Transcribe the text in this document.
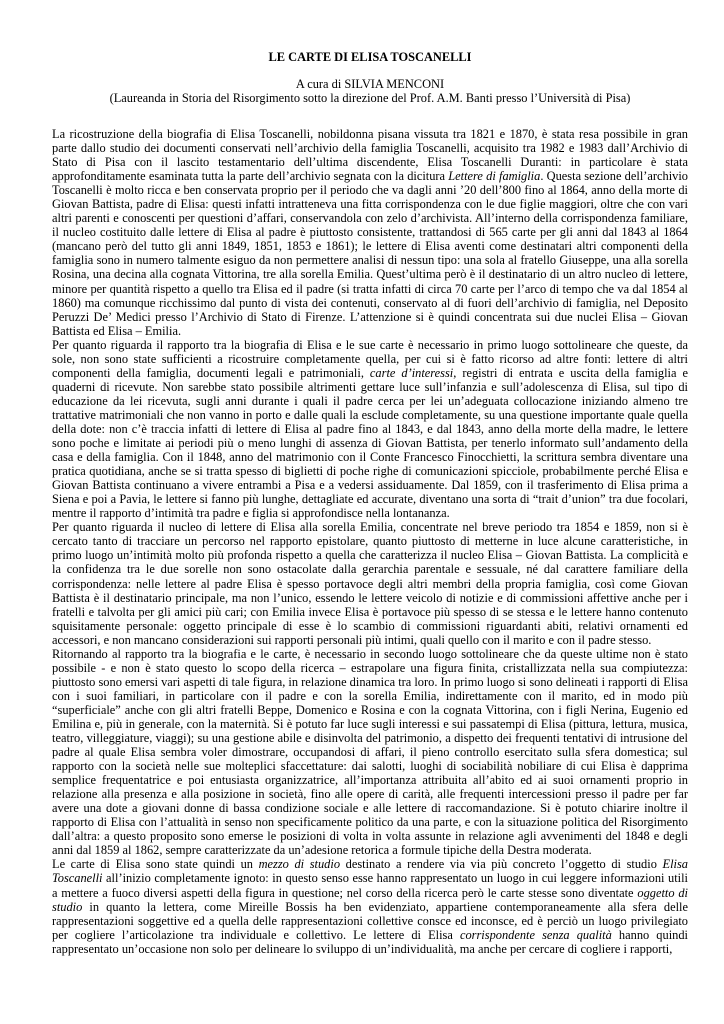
LE CARTE DI ELISA TOSCANELLI
A cura di SILVIA MENCONI
(Laureanda in Storia del Risorgimento sotto la direzione del Prof. A.M. Banti presso l’Università di Pisa)

La ricostruzione della biografia di Elisa Toscanelli, nobildonna pisana vissuta tra 1821 e 1870, è stata resa possibile in gran parte dallo studio dei documenti conservati nell’archivio della famiglia Toscanelli, acquisito tra 1982 e 1983 dall’Archivio di Stato di Pisa con il lascito testamentario dell’ultima discendente, Elisa Toscanelli Duranti: in particolare è stata approfonditamente esaminata tutta la parte dell’archivio segnata con la dicitura Lettere di famiglia. Questa sezione dell’archivio Toscanelli è molto ricca e ben conservata proprio per il periodo che va dagli anni ’20 dell’800 fino al 1864, anno della morte di Giovan Battista, padre di Elisa: questi infatti intratteneva una fitta corrispondenza con le due figlie maggiori, oltre che con vari altri parenti e conoscenti per questioni d’affari, conservandola con zelo d’archivista. All’interno della corrispondenza familiare, il nucleo costituito dalle lettere di Elisa al padre è piuttosto consistente, trattandosi di 565 carte per gli anni dal 1843 al 1864 (mancano però del tutto gli anni 1849, 1851, 1853 e 1861); le lettere di Elisa aventi come destinatari altri componenti della famiglia sono in numero talmente esiguo da non permettere analisi di nessun tipo: una sola al fratello Giuseppe, una alla sorella Rosina, una decina alla cognata Vittorina, tre alla sorella Emilia. Quest’ultima però è il destinatario di un altro nucleo di lettere, minore per quantità rispetto a quello tra Elisa ed il padre (si tratta infatti di circa 70 carte per l’arco di tempo che va dal 1854 al 1860) ma comunque ricchissimo dal punto di vista dei contenuti, conservato al di fuori dell’archivio di famiglia, nel Deposito Peruzzi De’ Medici presso l’Archivio di Stato di Firenze. L’attenzione si è quindi concentrata sui due nuclei Elisa – Giovan Battista ed Elisa – Emilia.

Per quanto riguarda il rapporto tra la biografia di Elisa e le sue carte è necessario in primo luogo sottolineare che queste, da sole, non sono state sufficienti a ricostruire completamente quella, per cui si è fatto ricorso ad altre fonti: lettere di altri componenti della famiglia, documenti legali e patrimoniali, carte d’interessi, registri di entrata e uscita della famiglia e quaderni di ricevute. Non sarebbe stato possibile altrimenti gettare luce sull’infanzia e sull’adolescenza di Elisa, sul tipo di educazione da lei ricevuta, sugli anni durante i quali il padre cerca per lei un’adeguata collocazione iniziando almeno tre trattative matrimoniali che non vanno in porto e dalle quali la esclude completamente, su una questione importante quale quella della dote: non c’è traccia infatti di lettere di Elisa al padre fino al 1843, e dal 1843, anno della morte della madre, le lettere sono poche e limitate ai periodi più o meno lunghi di assenza di Giovan Battista, per tenerlo informato sull’andamento della casa e della famiglia. Con il 1848, anno del matrimonio con il Conte Francesco Finocchietti, la scrittura sembra diventare una pratica quotidiana, anche se si tratta spesso di biglietti di poche righe di comunicazioni spicciole, probabilmente perché Elisa e Giovan Battista continuano a vivere entrambi a Pisa e a vedersi assiduamente. Dal 1859, con il trasferimento di Elisa prima a Siena e poi a Pavia, le lettere si fanno più lunghe, dettagliate ed accurate, diventano una sorta di “trait d’union” tra due focolari, mentre il rapporto d’intimità tra padre e figlia si approfondisce nella lontananza.

Per quanto riguarda il nucleo di lettere di Elisa alla sorella Emilia, concentrate nel breve periodo tra 1854 e 1859, non si è cercato tanto di tracciare un percorso nel rapporto epistolare, quanto piuttosto di metterne in luce alcune caratteristiche, in primo luogo un’intimità molto più profonda rispetto a quella che caratterizza il nucleo Elisa – Giovan Battista. La complicità e la confidenza tra le due sorelle non sono ostacolate dalla gerarchia parentale e sessuale, né dal carattere familiare della corrispondenza: nelle lettere al padre Elisa è spesso portavoce degli altri membri della propria famiglia, così come Giovan Battista è il destinatario principale, ma non l’unico, essendo le lettere veicolo di notizie e di commissioni affettive anche per i fratelli e talvolta per gli amici più cari; con Emilia invece Elisa è portavoce più spesso di se stessa e le lettere hanno contenuto squisitamente personale: oggetto principale di esse è lo scambio di commissioni riguardanti abiti, relativi ornamenti ed accessori, e non mancano considerazioni sui rapporti personali più intimi, quali quello con il marito e con il padre stesso.

Ritornando al rapporto tra la biografia e le carte, è necessario in secondo luogo sottolineare che da queste ultime non è stato possibile - e non è stato questo lo scopo della ricerca – estrapolare una figura finita, cristallizzata nella sua compiutezza: piuttosto sono emersi vari aspetti di tale figura, in relazione dinamica tra loro. In primo luogo si sono delineati i rapporti di Elisa con i suoi familiari, in particolare con il padre e con la sorella Emilia, indirettamente con il marito, ed in modo più “superficiale” anche con gli altri fratelli Beppe, Domenico e Rosina e con la cognata Vittorina, con i figli Nerina, Eugenio ed Emilina e, più in generale, con la maternità. Si è potuto far luce sugli interessi e sui passatempi di Elisa (pittura, lettura, musica, teatro, villeggiature, viaggi); su una gestione abile e disinvolta del patrimonio, a dispetto dei frequenti tentativi di intrusione del padre al quale Elisa sembra voler dimostrare, occupandosi di affari, il pieno controllo esercitato sulla sfera domestica; sul rapporto con la società nelle sue molteplici sfaccettature: dai salotti, luoghi di sociabilità nobiliare di cui Elisa è dapprima semplice frequentatrice e poi entusiasta organizzatrice, all’importanza attribuita all’abito ed ai suoi ornamenti proprio in relazione alla presenza e alla posizione in società, fino alle opere di carità, alle frequenti intercessioni presso il padre per far avere una dote a giovani donne di bassa condizione sociale e alle lettere di raccomandazione. Si è potuto chiarire inoltre il rapporto di Elisa con l’attualità in senso non specificamente politico da una parte, e con la situazione politica del Risorgimento dall’altra: a questo proposito sono emerse le posizioni di volta in volta assunte in relazione agli avvenimenti del 1848 e degli anni dal 1859 al 1862, sempre caratterizzate da un’adesione retorica a formule tipiche della Destra moderata.

Le carte di Elisa sono state quindi un mezzo di studio destinato a rendere via via più concreto l’oggetto di studio Elisa Toscanelli all’inizio completamente ignoto: in questo senso esse hanno rappresentato un luogo in cui leggere informazioni utili a mettere a fuoco diversi aspetti della figura in questione; nel corso della ricerca però le carte stesse sono diventate oggetto di studio in quanto la lettera, come Mireille Bossis ha ben evidenziato, appartiene contemporaneamente alla sfera delle rappresentazioni soggettive ed a quella delle rappresentazioni collettive consce ed inconsce, ed è perciò un luogo privilegiato per cogliere l’articolazione tra individuale e collettivo. Le lettere di Elisa corrispondente senza qualità hanno quindi rappresentato un’occasione non solo per delineare lo sviluppo di un’individualità, ma anche per cercare di cogliere i rapporti,
